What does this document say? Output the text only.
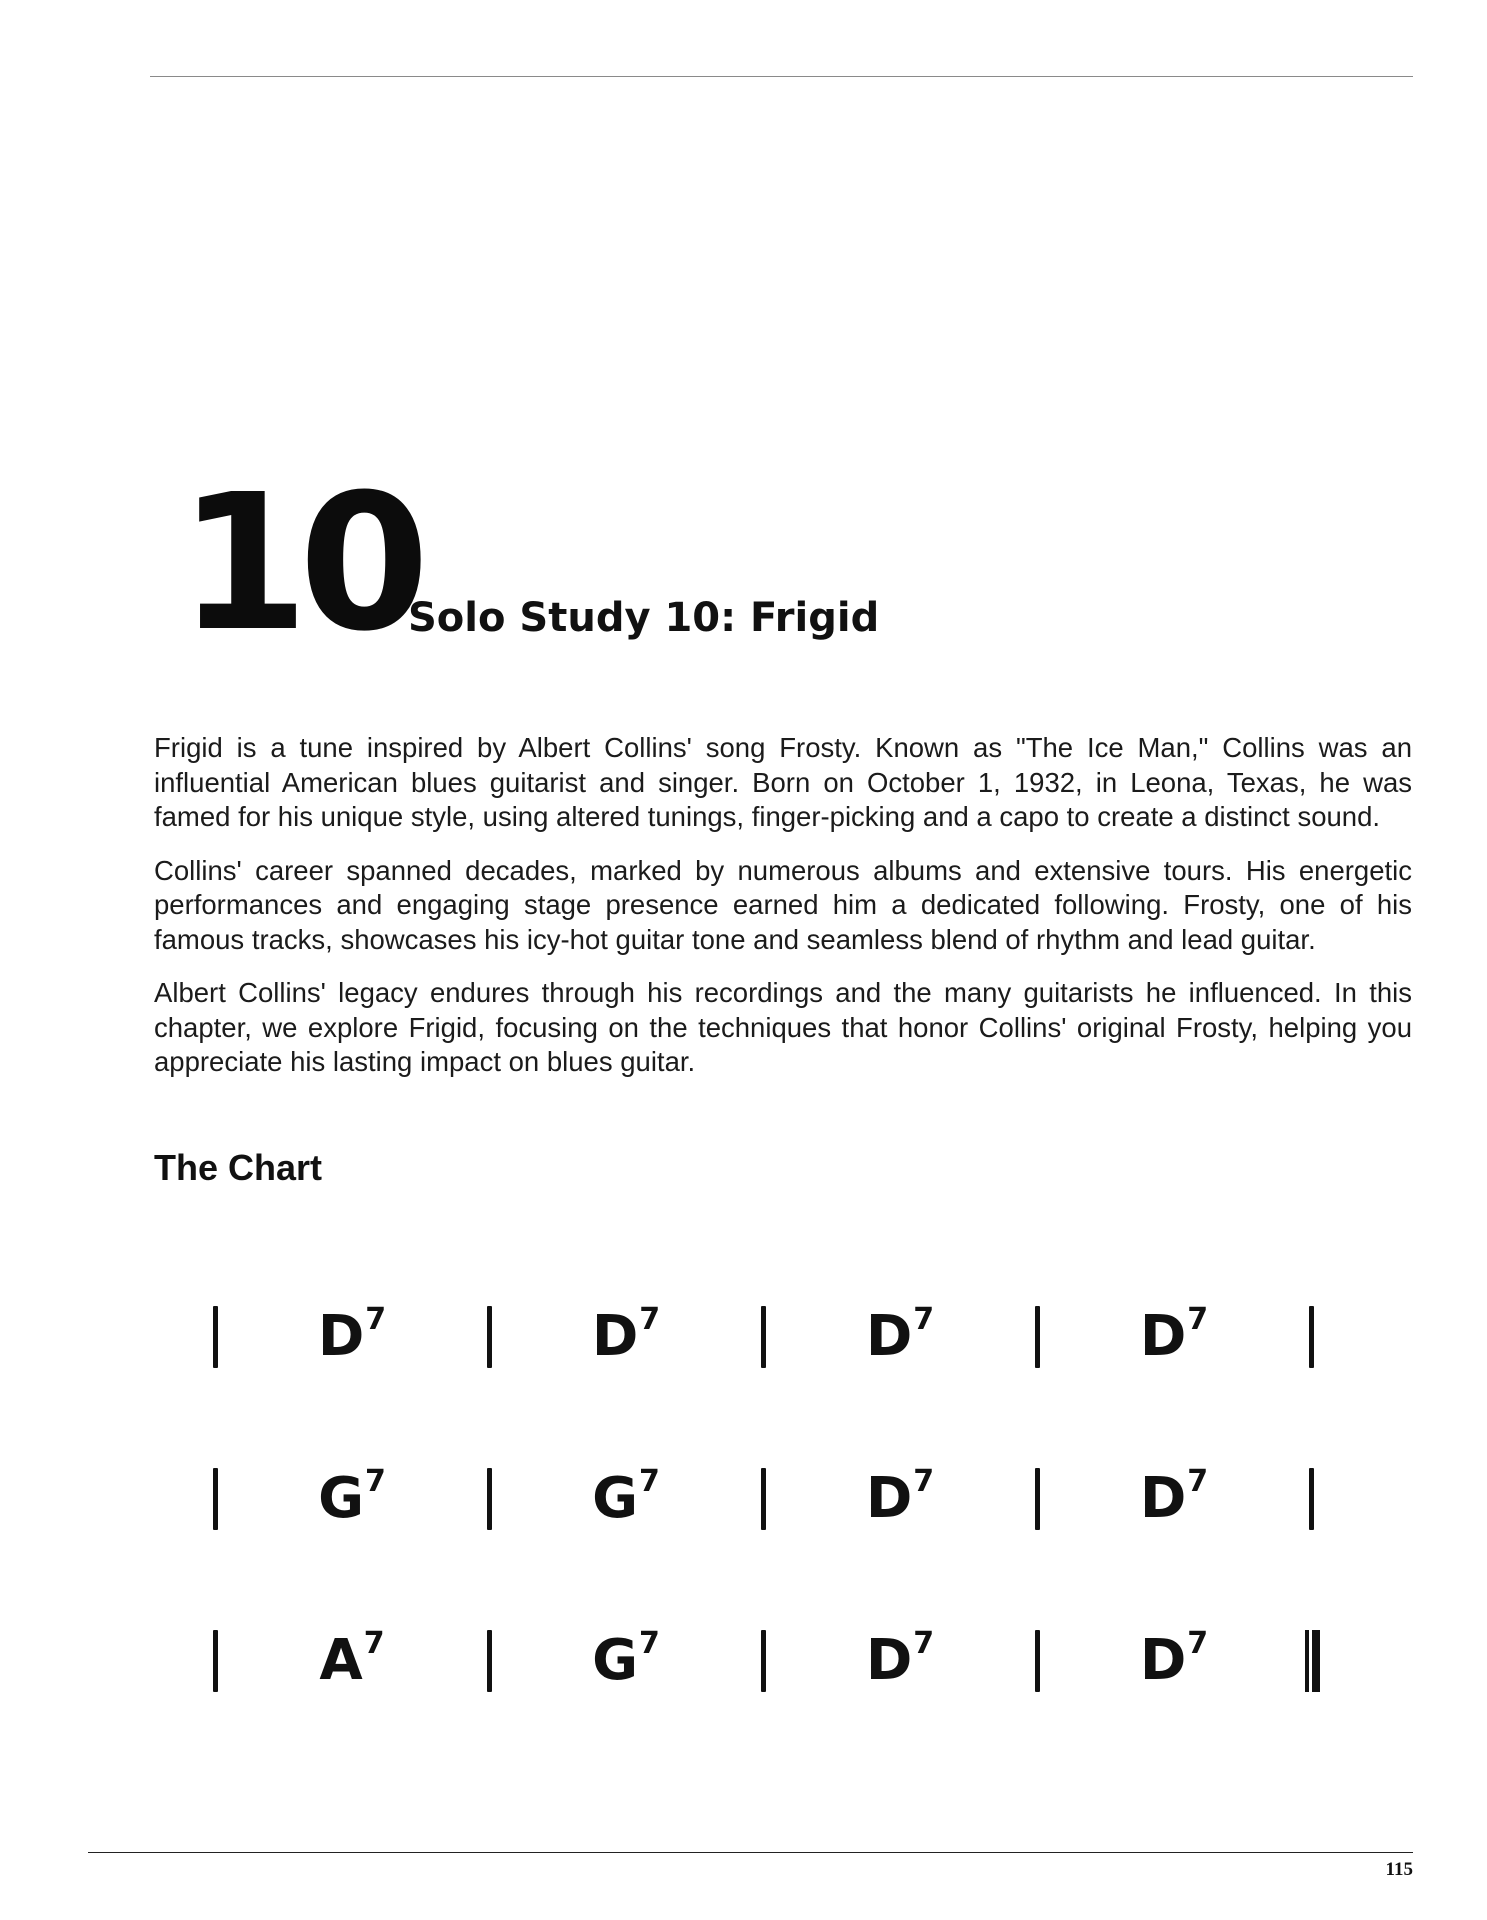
10
Solo Study 10: Frigid

Frigid is a tune inspired by Albert Collins' song Frosty. Known as "The Ice Man," Collins was an influential American blues guitarist and singer. Born on October 1, 1932, in Leona, Texas, he was famed for his unique style, using altered tunings, finger-picking and a capo to create a distinct sound.

Collins' career spanned decades, marked by numerous albums and extensive tours. His energetic performances and engaging stage presence earned him a dedicated following. Frosty, one of his famous tracks, showcases his icy-hot guitar tone and seamless blend of rhythm and lead guitar.

Albert Collins' legacy endures through his recordings and the many guitarists he influenced. In this chapter, we explore Frigid, focusing on the techniques that honor Collins' original Frosty, helping you appreciate his lasting impact on blues guitar.

The Chart
D7	D7	D7	D7
G7	G7	D7	D7
A7	G7	D7	D7
115
